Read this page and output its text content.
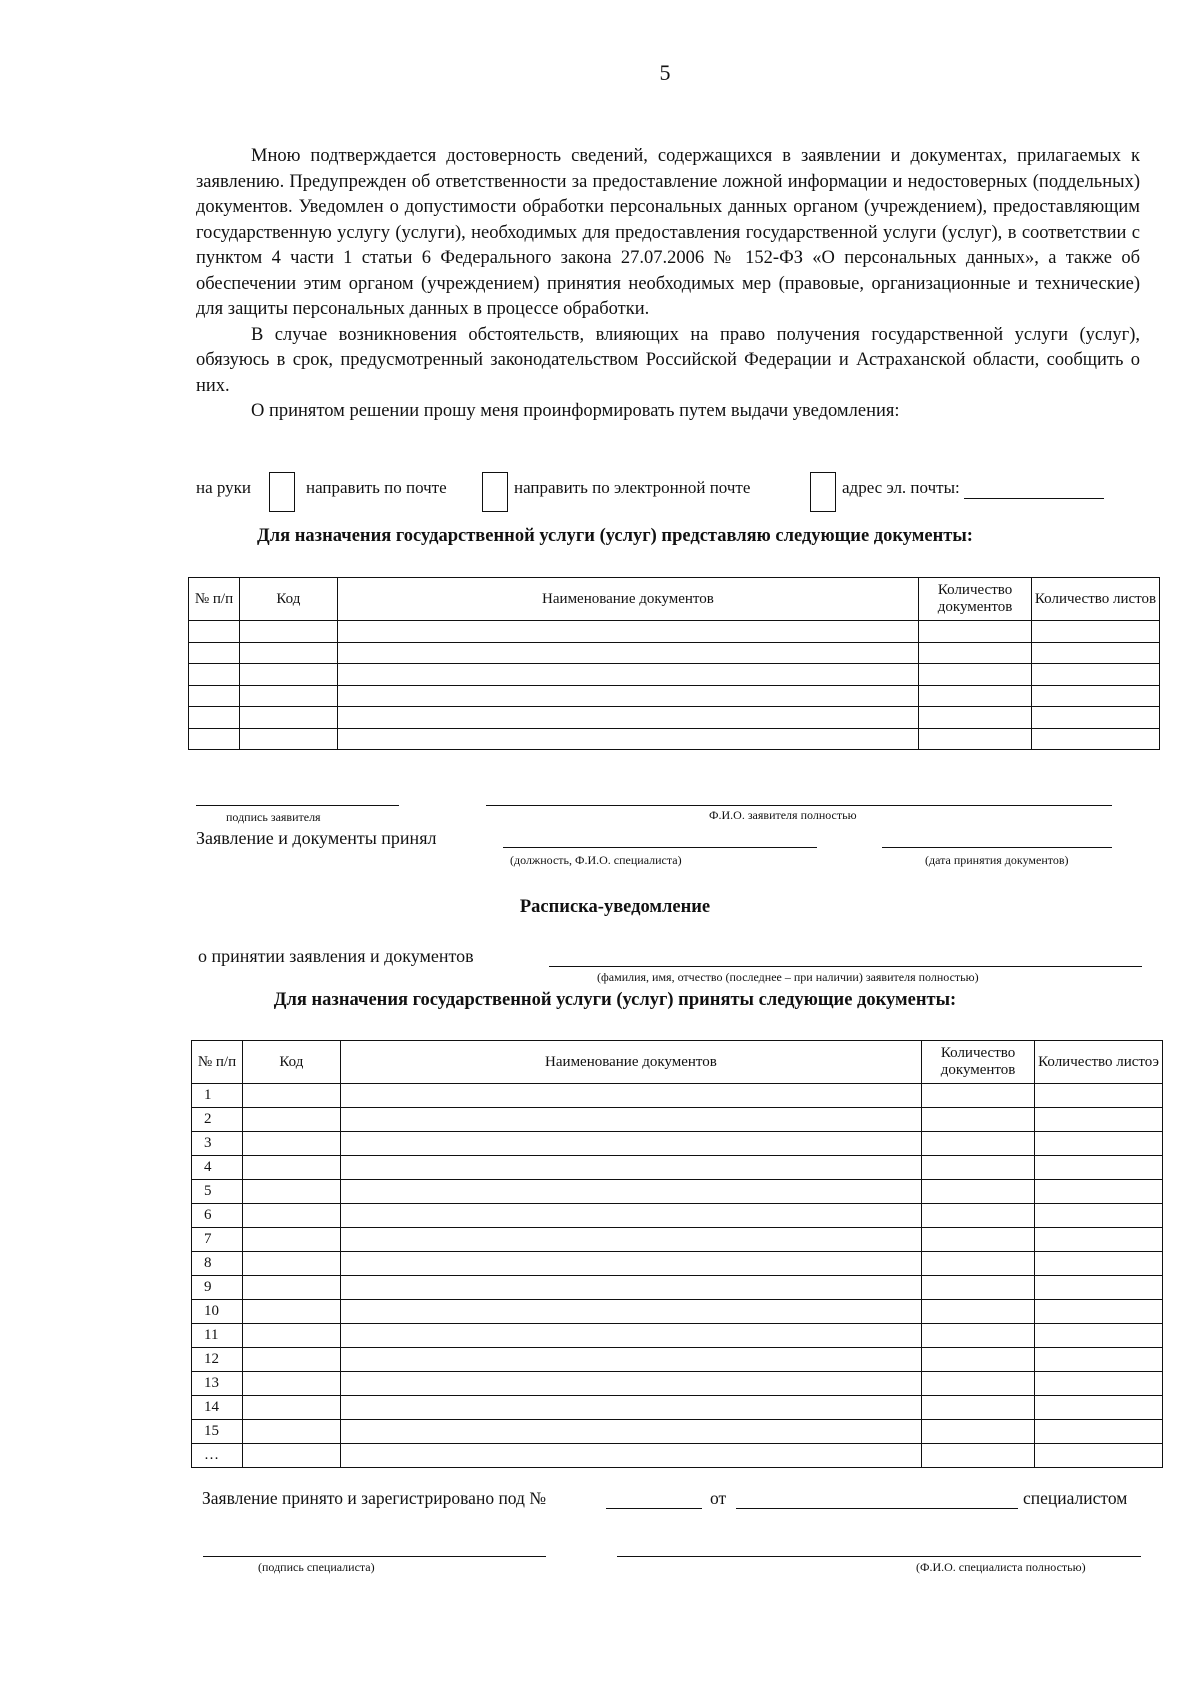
5

Мною подтверждается достоверность сведений, содержащихся в заявлении и документах, прилагаемых к заявлению. Предупрежден об ответственности за предоставление ложной информации и недостоверных (поддельных) документов. Уведомлен о допустимости обработки персональных данных органом (учреждением), предоставляющим государственную услугу (услуги), необходимых для предоставления государственной услуги (услуг), в соответствии с пунктом 4 части 1 статьи 6 Федерального закона 27.07.2006 № 152-ФЗ «О персональных данных», а также об обеспечении этим органом (учреждением) принятия необходимых мер (правовые, организационные и технические) для защиты персональных данных в процессе обработки.

В случае возникновения обстоятельств, влияющих на право получения государственной услуги (услуг), обязуюсь в срок, предусмотренный законодательством Российской Федерации и Астраханской области, сообщить о них.

О принятом решении прошу меня проинформировать путем выдачи уведомления:

на руки	направить по почте	направить по электронной почте	адрес эл. почты:
Для назначения государственной услуги (услуг) представляю следующие документы:
№ п/п	Код	Наименование документов	Количество документов	Количество листов

подпись заявителя	Ф.И.О. заявителя полностью
Заявление и документы принял
(должность, Ф.И.О. специалиста)	(дата принятия документов)
Расписка-уведомление
о принятии заявления и документов
(фамилия, имя, отчество (последнее – при наличии) заявителя полностью)
Для назначения государственной услуги (услуг) приняты следующие документы:
№ п/п	Код	Наименование документов	Количество документов	Количество листоэ
1				
2				
3				
4				
5				
6				
7				
8				
9				
10				
11				
12				
13				
14				
15				
…				
Заявление принято и зарегистрировано под №	от	специалистом
(подпись специалиста)	(Ф.И.О. специалиста полностью)
